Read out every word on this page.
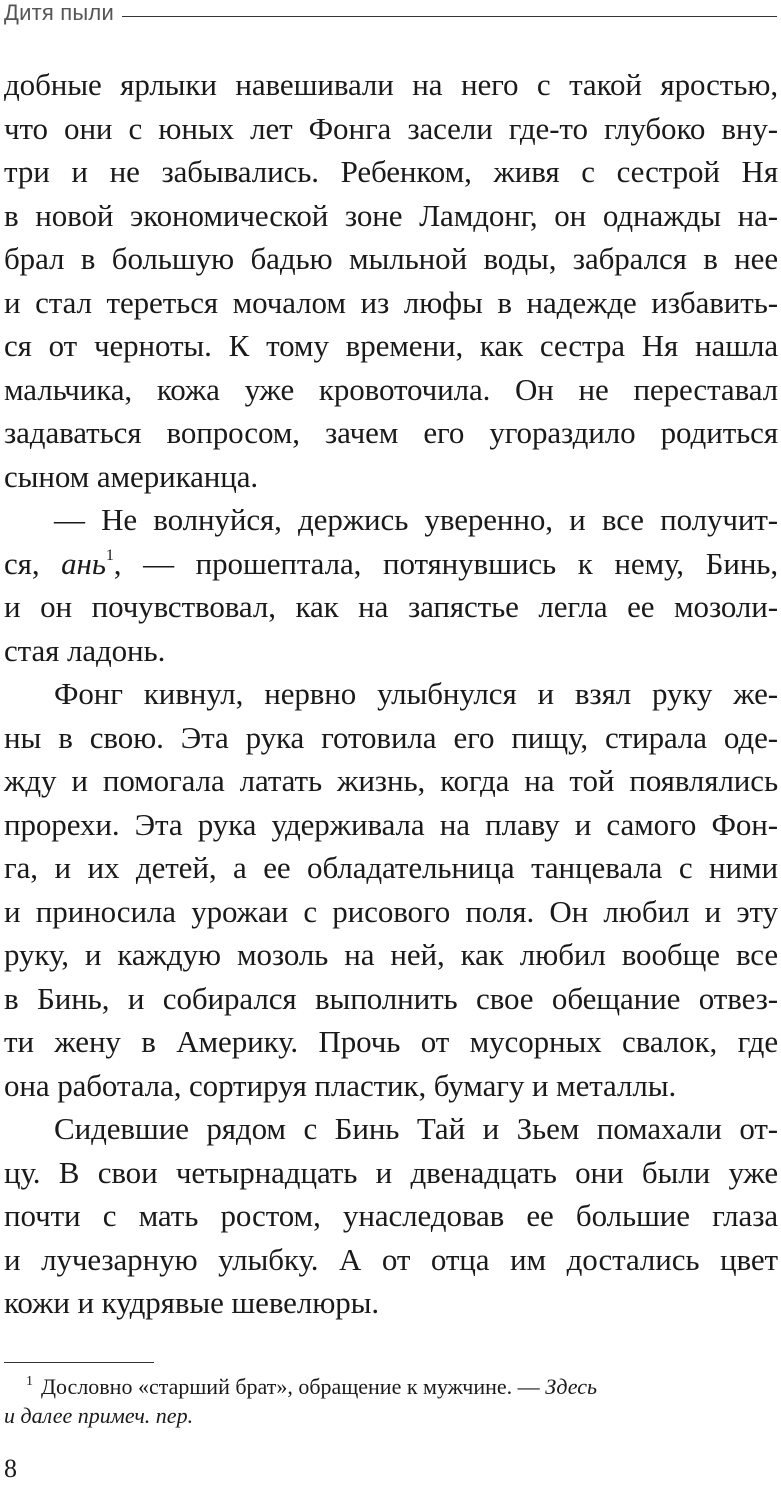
Дитя пыли
добные ярлыки навешивали на него с такой яростью,
что они с юных лет Фонга засели где-то глубоко вну-
три и не забывались. Ребенком, живя с сестрой Ня
в новой экономической зоне Ламдонг, он однажды на-
брал в большую бадью мыльной воды, забрался в нее
и стал тереться мочалом из люфы в надежде избавить-
ся от черноты. К тому времени, как сестра Ня нашла
мальчика, кожа уже кровоточила. Он не переставал
задаваться вопросом, зачем его угораздило родиться
сыном американца.
— Не волнуйся, держись уверенно, и все получит-
ся, ань$^1$, — прошептала, потянувшись к нему, Бинь,
и он почувствовал, как на запястье легла ее мозоли-
стая ладонь.
Фонг кивнул, нервно улыбнулся и взял руку же-
ны в свою. Эта рука готовила его пищу, стирала оде-
жду и помогала латать жизнь, когда на той появлялись
прорехи. Эта рука удерживала на плаву и самого Фон-
га, и их детей, а ее обладательница танцевала с ними
и приносила урожаи с рисового поля. Он любил и эту
руку, и каждую мозоль на ней, как любил вообще все
в Бинь, и собирался выполнить свое обещание отвез-
ти жену в Америку. Прочь от мусорных свалок, где
она работала, сортируя пластик, бумагу и металлы.
Сидевшие рядом с Бинь Тай и Зьем помахали от-
цу. В свои четырнадцать и двенадцать они были уже
почти с мать ростом, унаследовав ее большие глаза
и лучезарную улыбку. А от отца им достались цвет
кожи и кудрявые шевелюры.
$^1$ Дословно «старший брат», обращение к мужчине. — Здесь
и далее примеч. пер.
8
